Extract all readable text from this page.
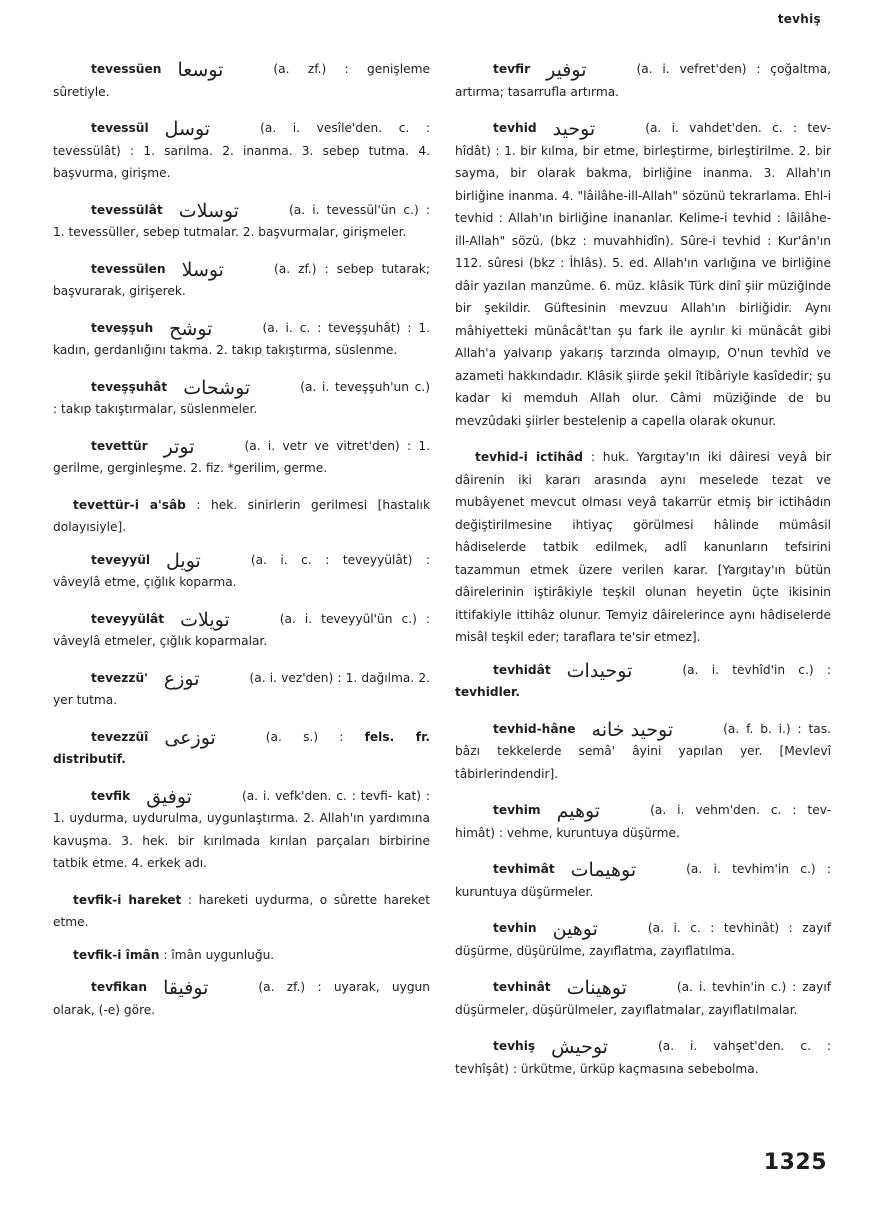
tevhiş
tevessüen توسعا	(a. zf.) : genişleme sûretiyle.
tevessül توسل	(a. i. vesîle'den. c. : tevessülât) : 1. sarılma. 2. inanma. 3. sebep tutma. 4. başvurma, girişme.
tevessülât توسلات	(a. i. tevessül'ün c.) : 1. tevessüller, sebep tutmalar. 2. başvurmalar, girişmeler.
tevessülen توسلا	(a. zf.) : sebep tutarak; başvurarak, girişerek.
teveşşuh توشح	(a. i. c. : teveşşuhât) : 1. kadın, gerdanlığını takma. 2. takıp takıştırma, süslenme.
teveşşuhât توشحات	(a. i. teveşşuh'un c.) : takıp takıştırmalar, süslenmeler.
tevettür توتر	(a. i. vetr ve vitret'den) : 1. gerilme, gerginleşme. 2. fiz. *gerilim, germe.
tevettür-i a'sâb : hek. sinirlerin gerilmesi [hastalık dolayısiyle].
teveyyül تویل	(a. i. c. : teveyyülât) : vâveylâ etme, çığlık koparma.
teveyyülât تویلات	(a. i. teveyyül'ün c.) : vâveylâ etmeler, çığlık koparmalar.
tevezzü' توزع	(a. i. vez'den) : 1. dağılma. 2. yer tutma.
tevezzüî توزعی	(a. s.) : fels. fr. distributif.
tevfik توفيق	(a. i. vefk'den. c. : tevfi- kat) : 1. uydurma, uydurulma, uygunlaştırma. 2. Allah'ın yardımına kavuşma. 3. hek. bir kırılmada kırılan parçaları birbirine tatbik etme. 4. erkek adı.
tevfik-i hareket : hareketi uydurma, o sûrette hareket etme.
tevfik-i îmân : îmân uygunluğu.
tevfikan توفيقا	(a. zf.) : uyarak, uygun olarak, (-e) göre.
tevfir توفير	(a. i. vefret'den) : çoğaltma, artırma; tasarrufla artırma.
tevhid توحيد	(a. i. vahdet'den. c. : tev- hîdât) : 1. bir kılma, bir etme, birleştirme, birleştirilme. 2. bir sayma, bir olarak bakma, birliğine inanma. 3. Allah'ın birliğine inanma. 4. "lâilâhe-ill-Allah" sözünü tekrarlama. Ehl-i tevhid : Allah'ın birliğine inananlar. Kelime-i tevhid : lâilâhe-ill-Allah" sözü. (bkz : muvahhidîn). Sûre-i tevhid : Kur'ân'ın 112. sûresi (bkz : İhlâs). 5. ed. Allah'ın varlığına ve birliğine dâir yazılan manzûme. 6. müz. klâsik Türk dinî şiir müziğinde bir şekildir. Güftesinin mevzuu Allah'ın birliğidir. Aynı mâhiyetteki münâcât'tan şu fark ile ayrılır ki münâcât gibi Allah'a yalvarıp yakarış tarzında olmayıp, O'nun tevhîd ve azameti hakkındadır. Klâsik şiirde şekil îtibâriyle kasîdedir; şu kadar ki memduh Allah olur. Câmi müziğinde de bu mevzûdaki şiirler bestelenip a capella olarak okunur.
tevhid-i ictihâd : huk. Yargıtay'ın iki dâiresi veyâ bir dâirenin iki kararı arasında aynı meselede tezat ve mubâyenet mevcut olması veyâ takarrür etmiş bir ictihâdın değiştirilmesine ihtiyaç görülmesi hâlinde mümâsil hâdiselerde tatbik edilmek, adlî kanunların tefsirini tazammun etmek üzere verilen karar. [Yargıtay'ın bütün dâirelerinin iştirâkiyle teşkil olunan heyetin üçte ikisinin ittifakiyle ittihâz olunur. Temyiz dâirelerince aynı hâdiselerde misâl teşkil eder; taraflara te'sir etmez].
tevhidât توحيدات	(a. i. tevhîd'in c.) : tevhidler.
tevhid-hâne توحيد خانه	(a. f. b. i.) : tas. bâzı tekkelerde semâ' âyini yapılan yer. [Mevlevî tâbirlerindendir].
tevhim توهيم	(a. i. vehm'den. c. : tev- himât) : vehme, kuruntuya düşürme.
tevhimât توهيمات	(a. i. tevhim'in c.) : kuruntuya düşürmeler.
tevhin توهين	(a. i. c. : tevhinât) : zayıf düşürme, düşürülme, zayıflatma, zayıflatılma.
tevhinât توهينات	(a. i. tevhin'in c.) : zayıf düşürmeler, düşürülmeler, zayıflatmalar, zayıflatılmalar.
tevhiş توحيش	(a. i. vahşet'den. c. : tevhîşât) : ürkütme, ürküp kaçmasına sebebolma.
1325
